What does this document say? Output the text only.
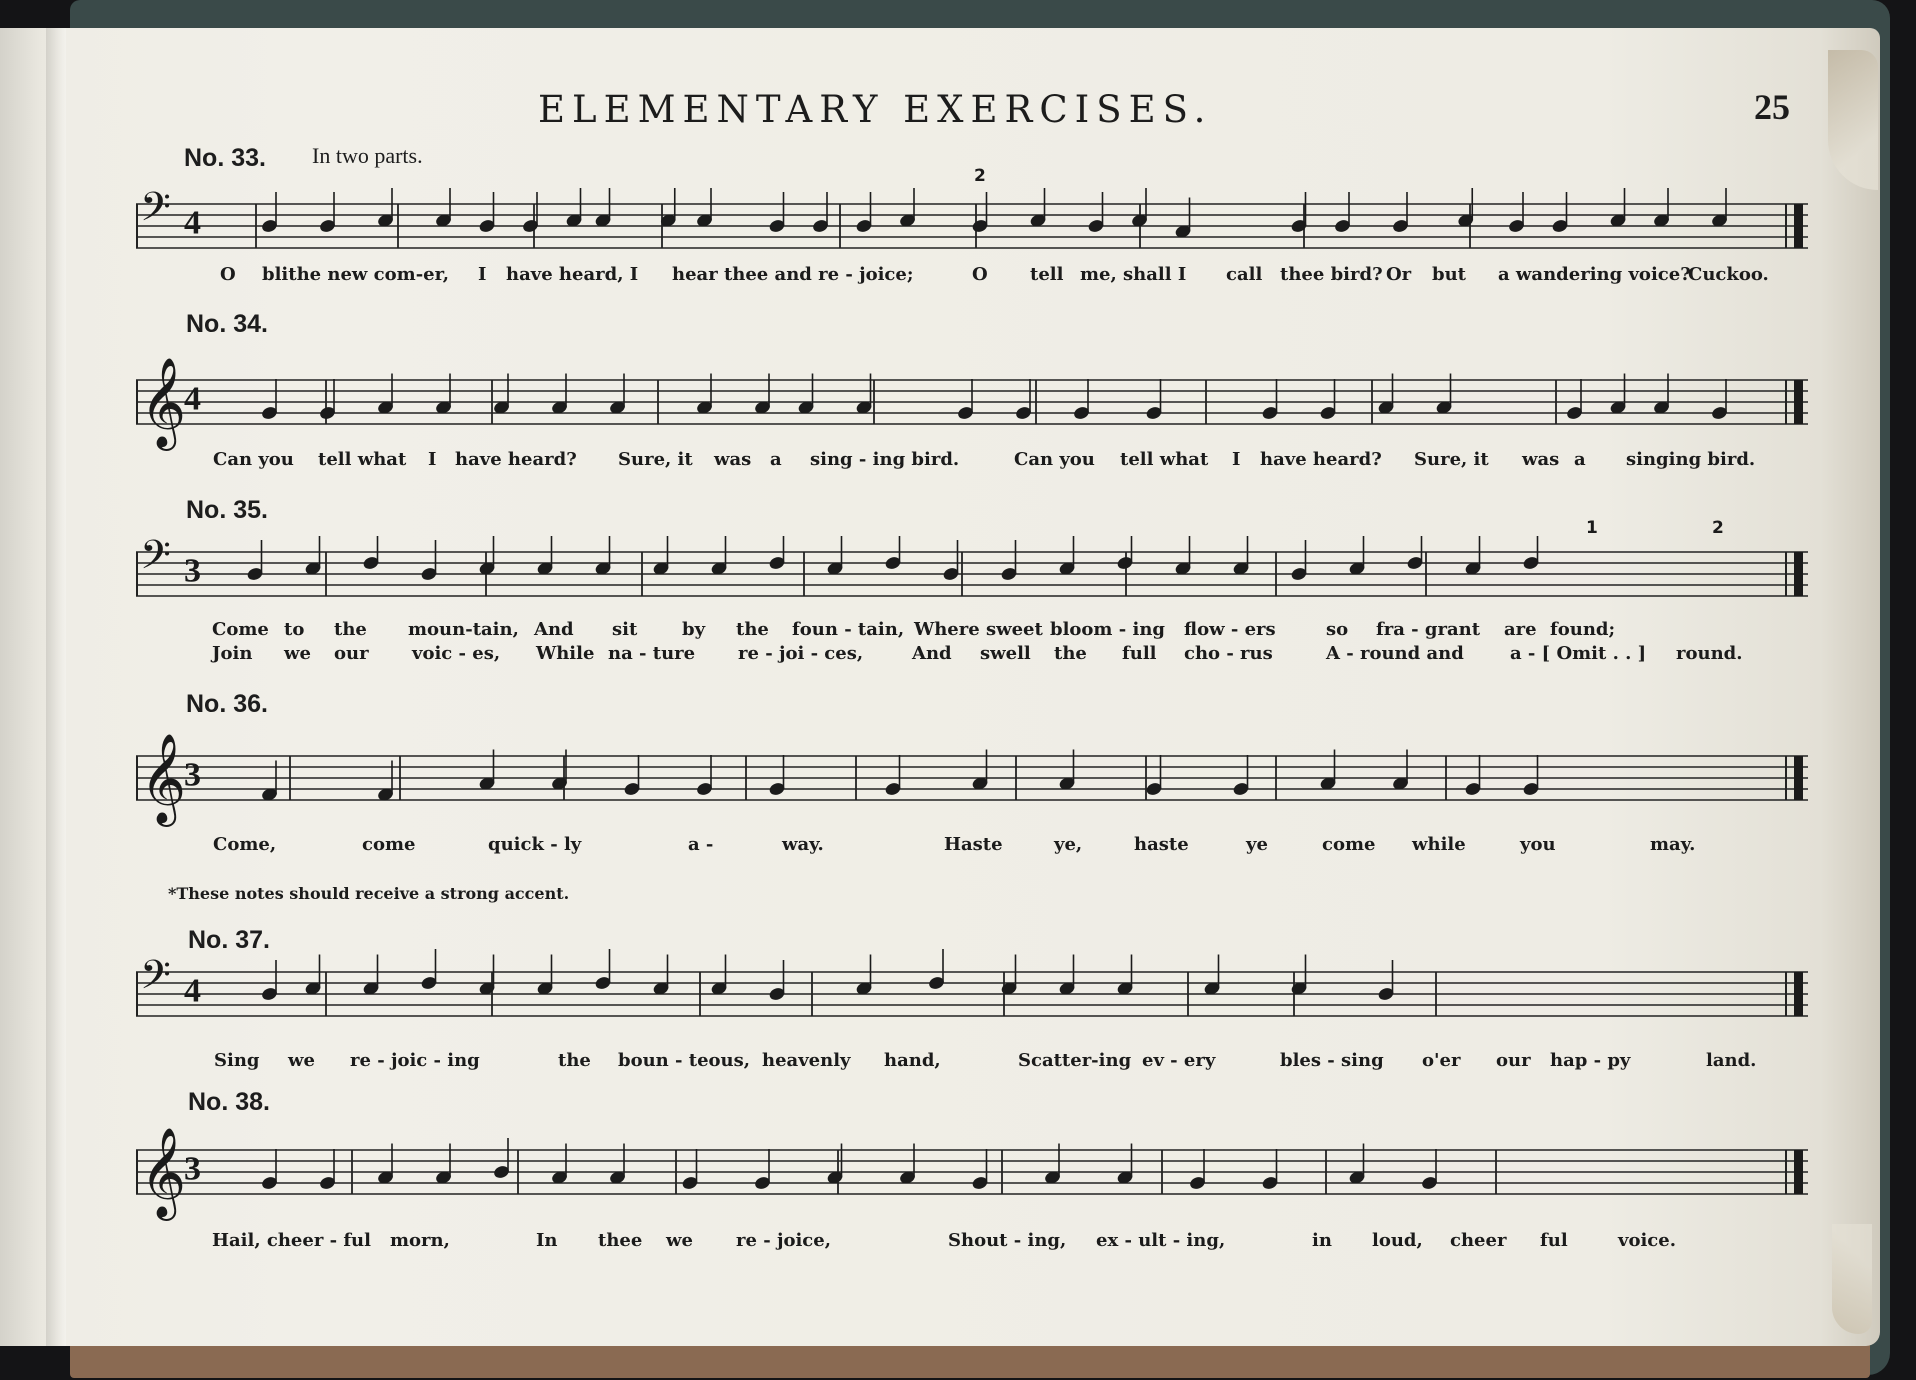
ELEMENTARY EXERCISES.	25
No. 33. In two parts.
2
𝄢 4
O blithe new com-er, I have heard, I hear thee and re - joice;	O tell me, shall I call thee bird? Or but a wandering voice?
Cuckoo.
No. 34.
𝄞
4
Can you tell what I have heard? Sure, it was a sing - ing bird.	Can you tell what I have heard? Sure, it was a singing bird.
No. 35.
1	2
𝄢 3
Come to the moun-tain, And sit by the foun - tain, Where sweet bloom - ing flow - ers	so fra - grant are found;
Join we our voic - es, While na - ture re - joi - ces,	And swell the full cho - rus	A - round and	a - [ Omit . . ] round.
No. 36.
𝄞
3
Come,	come	quick - ly	a -	way.	Haste	ye,	haste	ye	come while	you	may.
*These notes should receive a strong accent.
No. 37.
𝄢 4
Sing we re - joic - ing	the boun - teous, heavenly hand,	Scatter-ing ev - ery	bles - sing o'er our hap - py	land.
No. 38.
𝄞
3
Hail, cheer - ful morn,	In thee we re - joice,	Shout - ing, ex - ult - ing,	in loud, cheer ful	voice.
